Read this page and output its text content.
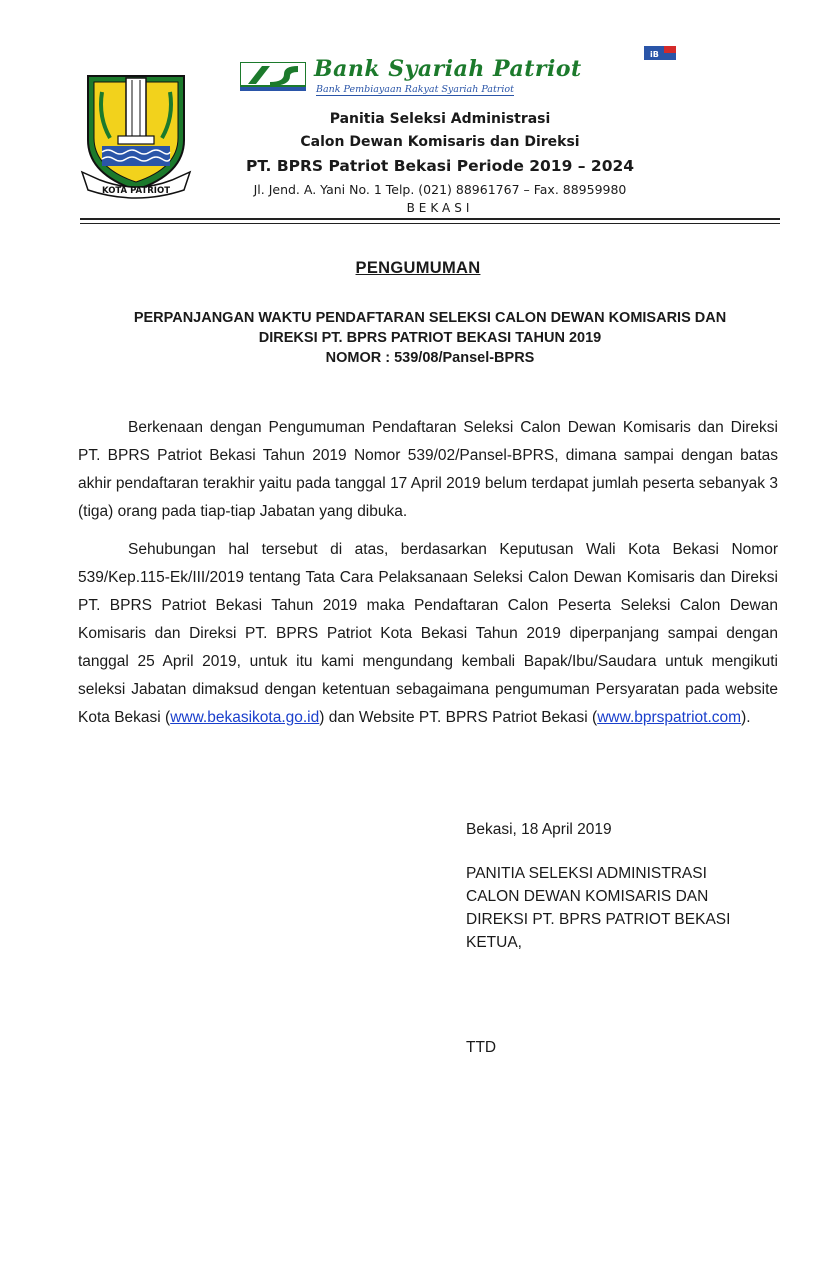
KOTA PATRIOT
Bank Syariah Patriot
Bank Pembiayaan Rakyat Syariah Patriot
iB
Panitia Seleksi Administrasi
Calon Dewan Komisaris dan Direksi
PT. BPRS Patriot Bekasi Periode 2019 – 2024
Jl. Jend. A. Yani No. 1 Telp. (021) 88961767 – Fax. 88959980
BEKASI
PENGUMUMAN
PERPANJANGAN WAKTU PENDAFTARAN SELEKSI CALON DEWAN KOMISARIS DAN
DIREKSI PT. BPRS PATRIOT BEKASI TAHUN 2019
NOMOR : 539/08/Pansel-BPRS

Berkenaan dengan Pengumuman Pendaftaran Seleksi Calon Dewan Komisaris dan Direksi PT. BPRS Patriot Bekasi Tahun 2019 Nomor 539/02/Pansel-BPRS, dimana sampai dengan batas akhir pendaftaran terakhir yaitu pada tanggal 17 April 2019 belum terdapat jumlah peserta sebanyak 3 (tiga) orang pada tiap-tiap Jabatan yang dibuka.

Sehubungan hal tersebut di atas, berdasarkan Keputusan Wali Kota Bekasi Nomor 539/Kep.115-Ek/III/2019 tentang Tata Cara Pelaksanaan Seleksi Calon Dewan Komisaris dan Direksi PT. BPRS Patriot Bekasi Tahun 2019 maka Pendaftaran Calon Peserta Seleksi Calon Dewan Komisaris dan Direksi PT. BPRS Patriot Kota Bekasi Tahun 2019 diperpanjang sampai dengan tanggal 25 April 2019, untuk itu kami mengundang kembali Bapak/Ibu/Saudara untuk mengikuti seleksi Jabatan dimaksud dengan ketentuan sebagaimana pengumuman Persyaratan pada website Kota Bekasi (www.bekasikota.go.id) dan Website PT. BPRS Patriot Bekasi (www.bprspatriot.com).

Bekasi, 18 April 2019
PANITIA SELEKSI ADMINISTRASI
CALON DEWAN KOMISARIS DAN
DIREKSI PT. BPRS PATRIOT BEKASI
KETUA,
TTD
